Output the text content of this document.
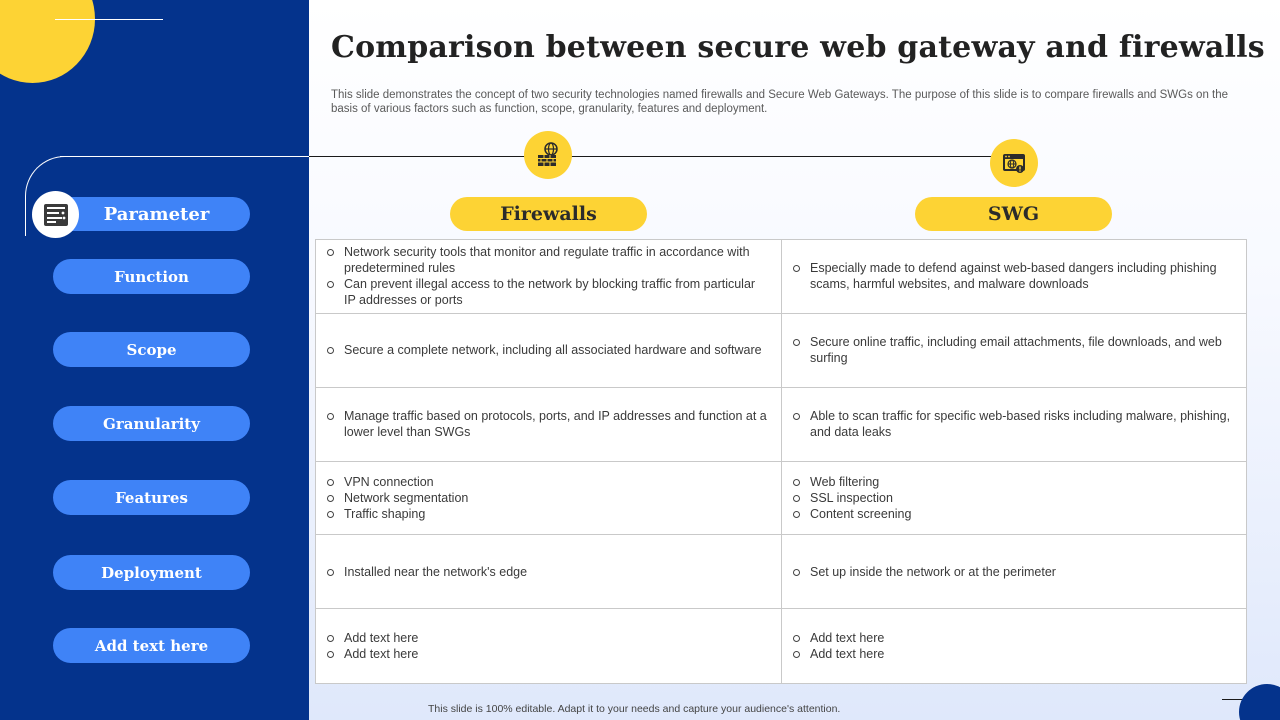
Parameter
Function
Scope
Granularity
Features
Deployment
Add text here
Comparison between secure web gateway and firewalls

This slide demonstrates the concept of two security technologies named firewalls and Secure Web Gateways. The purpose of this slide is to compare firewalls and SWGs on the basis of various factors such as function, scope, granularity, features and deployment.

Firewalls	SWG
Network security tools that monitor and regulate traffic in accordance with predetermined rules
Can prevent illegal access to the network by blocking traffic from particular IP addresses or ports
Especially made to defend against web-based dangers including phishing scams, harmful websites, and malware downloads
Secure a complete network, including all associated hardware and software
Secure online traffic, including email attachments, file downloads, and web surfing
Manage traffic based on protocols, ports, and IP addresses and function at a lower level than SWGs
Able to scan traffic for specific web-based risks including malware, phishing, and data leaks
VPN connection
Network segmentation
Traffic shaping
Web filtering
SSL inspection
Content screening
Installed near the network's edge	Set up inside the network or at the perimeter
Add text here
Add text here
Add text here
Add text here
This slide is 100% editable. Adapt it to your needs and capture your audience's attention.
